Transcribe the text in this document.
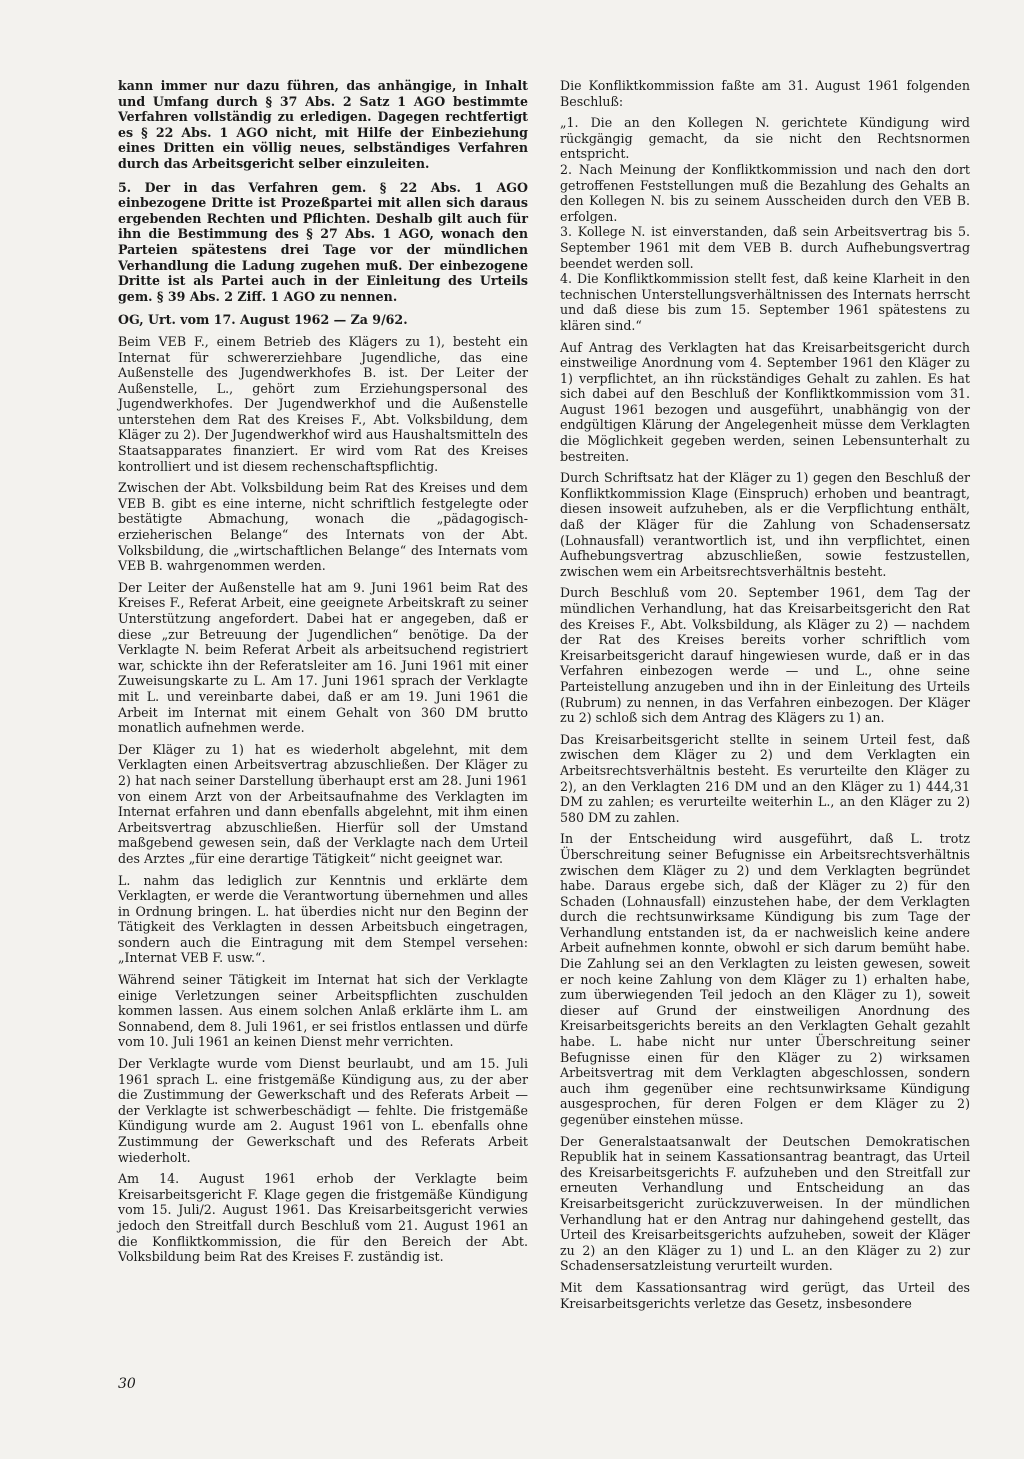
kann immer nur dazu führen, das anhängige, in Inhalt und Umfang durch § 37 Abs. 2 Satz 1 AGO bestimmte Verfahren vollständig zu erledigen. Dagegen rechtfertigt es § 22 Abs. 1 AGO nicht, mit Hilfe der Einbeziehung eines Dritten ein völlig neues, selbständiges Verfahren durch das Arbeitsgericht selber einzuleiten.

5. Der in das Verfahren gem. § 22 Abs. 1 AGO einbezogene Dritte ist Prozeßpartei mit allen sich daraus ergebenden Rechten und Pflichten. Deshalb gilt auch für ihn die Bestimmung des § 27 Abs. 1 AGO, wonach den Parteien spätestens drei Tage vor der mündlichen Verhandlung die Ladung zugehen muß. Der einbezogene Dritte ist als Partei auch in der Einleitung des Urteils gem. § 39 Abs. 2 Ziff. 1 AGO zu nennen.

OG, Urt. vom 17. August 1962 — Za 9/62.

Beim VEB F., einem Betrieb des Klägers zu 1), besteht ein Internat für schwererziehbare Jugendliche, das eine Außenstelle des Jugendwerkhofes B. ist. Der Leiter der Außenstelle, L., gehört zum Erziehungspersonal des Jugendwerkhofes. Der Jugendwerkhof und die Außenstelle unterstehen dem Rat des Kreises F., Abt. Volksbildung, dem Kläger zu 2). Der Jugendwerkhof wird aus Haushaltsmitteln des Staatsapparates finanziert. Er wird vom Rat des Kreises kontrolliert und ist diesem rechenschaftspflichtig.

Zwischen der Abt. Volksbildung beim Rat des Kreises und dem VEB B. gibt es eine interne, nicht schriftlich festgelegte oder bestätigte Abmachung, wonach die „pädagogisch-erzieherischen Belange“ des Internats von der Abt. Volksbildung, die „wirtschaftlichen Belange“ des Internats vom VEB B. wahrgenommen werden.

Der Leiter der Außenstelle hat am 9. Juni 1961 beim Rat des Kreises F., Referat Arbeit, eine geeignete Arbeitskraft zu seiner Unterstützung angefordert. Dabei hat er angegeben, daß er diese „zur Betreuung der Jugendlichen“ benötige. Da der Verklagte N. beim Referat Arbeit als arbeitsuchend registriert war, schickte ihn der Referatsleiter am 16. Juni 1961 mit einer Zuweisungskarte zu L. Am 17. Juni 1961 sprach der Verklagte mit L. und vereinbarte dabei, daß er am 19. Juni 1961 die Arbeit im Internat mit einem Gehalt von 360 DM brutto monatlich aufnehmen werde.

Der Kläger zu 1) hat es wiederholt abgelehnt, mit dem Verklagten einen Arbeitsvertrag abzuschließen. Der Kläger zu 2) hat nach seiner Darstellung überhaupt erst am 28. Juni 1961 von einem Arzt von der Arbeitsaufnahme des Verklagten im Internat erfahren und dann ebenfalls abgelehnt, mit ihm einen Arbeitsvertrag abzuschließen. Hierfür soll der Umstand maßgebend gewesen sein, daß der Verklagte nach dem Urteil des Arztes „für eine derartige Tätigkeit“ nicht geeignet war.

L. nahm das lediglich zur Kenntnis und erklärte dem Verklagten, er werde die Verantwortung übernehmen und alles in Ordnung bringen. L. hat überdies nicht nur den Beginn der Tätigkeit des Verklagten in dessen Arbeitsbuch eingetragen, sondern auch die Eintragung mit dem Stempel versehen: „Internat VEB F. usw.“.

Während seiner Tätigkeit im Internat hat sich der Verklagte einige Verletzungen seiner Arbeitspflichten zuschulden kommen lassen. Aus einem solchen Anlaß erklärte ihm L. am Sonnabend, dem 8. Juli 1961, er sei fristlos entlassen und dürfe vom 10. Juli 1961 an keinen Dienst mehr verrichten.

Der Verklagte wurde vom Dienst beurlaubt, und am 15. Juli 1961 sprach L. eine fristgemäße Kündigung aus, zu der aber die Zustimmung der Gewerkschaft und des Referats Arbeit — der Verklagte ist schwerbeschädigt — fehlte. Die fristgemäße Kündigung wurde am 2. August 1961 von L. ebenfalls ohne Zustimmung der Gewerkschaft und des Referats Arbeit wiederholt.

Am 14. August 1961 erhob der Verklagte beim Kreisarbeitsgericht F. Klage gegen die fristgemäße Kündigung vom 15. Juli/2. August 1961. Das Kreisarbeitsgericht verwies jedoch den Streitfall durch Beschluß vom 21. August 1961 an die Konfliktkommission, die für den Bereich der Abt. Volksbildung beim Rat des Kreises F. zuständig ist.

Die Konfliktkommission faßte am 31. August 1961 folgenden Beschluß:

„1. Die an den Kollegen N. gerichtete Kündigung wird rückgängig gemacht, da sie nicht den Rechtsnormen entspricht.

2. Nach Meinung der Konfliktkommission und nach den dort getroffenen Feststellungen muß die Bezahlung des Gehalts an den Kollegen N. bis zu seinem Ausscheiden durch den VEB B. erfolgen.

3. Kollege N. ist einverstanden, daß sein Arbeitsvertrag bis 5. September 1961 mit dem VEB B. durch Aufhebungsvertrag beendet werden soll.

4. Die Konfliktkommission stellt fest, daß keine Klarheit in den technischen Unterstellungsverhältnissen des Internats herrscht und daß diese bis zum 15. September 1961 spätestens zu klären sind.“

Auf Antrag des Verklagten hat das Kreisarbeitsgericht durch einstweilige Anordnung vom 4. September 1961 den Kläger zu 1) verpflichtet, an ihn rückständiges Gehalt zu zahlen. Es hat sich dabei auf den Beschluß der Konfliktkommission vom 31. August 1961 bezogen und ausgeführt, unabhängig von der endgültigen Klärung der Angelegenheit müsse dem Verklagten die Möglichkeit gegeben werden, seinen Lebensunterhalt zu bestreiten.

Durch Schriftsatz hat der Kläger zu 1) gegen den Beschluß der Konfliktkommission Klage (Einspruch) erhoben und beantragt, diesen insoweit aufzuheben, als er die Verpflichtung enthält, daß der Kläger für die Zahlung von Schadensersatz (Lohnausfall) verantwortlich ist, und ihn verpflichtet, einen Aufhebungsvertrag abzuschließen, sowie festzustellen, zwischen wem ein Arbeitsrechtsverhältnis besteht.

Durch Beschluß vom 20. September 1961, dem Tag der mündlichen Verhandlung, hat das Kreisarbeitsgericht den Rat des Kreises F., Abt. Volksbildung, als Kläger zu 2) — nachdem der Rat des Kreises bereits vorher schriftlich vom Kreisarbeitsgericht darauf hingewiesen wurde, daß er in das Verfahren einbezogen werde — und L., ohne seine Parteistellung anzugeben und ihn in der Einleitung des Urteils (Rubrum) zu nennen, in das Verfahren einbezogen. Der Kläger zu 2) schloß sich dem Antrag des Klägers zu 1) an.

Das Kreisarbeitsgericht stellte in seinem Urteil fest, daß zwischen dem Kläger zu 2) und dem Verklagten ein Arbeitsrechtsverhältnis besteht. Es verurteilte den Kläger zu 2), an den Verklagten 216 DM und an den Kläger zu 1) 444,31 DM zu zahlen; es verurteilte weiterhin L., an den Kläger zu 2) 580 DM zu zahlen.

In der Entscheidung wird ausgeführt, daß L. trotz Überschreitung seiner Befugnisse ein Arbeitsrechtsverhältnis zwischen dem Kläger zu 2) und dem Verklagten begründet habe. Daraus ergebe sich, daß der Kläger zu 2) für den Schaden (Lohnausfall) einzustehen habe, der dem Verklagten durch die rechtsunwirksame Kündigung bis zum Tage der Verhandlung entstanden ist, da er nachweislich keine andere Arbeit aufnehmen konnte, obwohl er sich darum bemüht habe. Die Zahlung sei an den Verklagten zu leisten gewesen, soweit er noch keine Zahlung von dem Kläger zu 1) erhalten habe, zum überwiegenden Teil jedoch an den Kläger zu 1), soweit dieser auf Grund der einstweiligen Anordnung des Kreisarbeitsgerichts bereits an den Verklagten Gehalt gezahlt habe. L. habe nicht nur unter Überschreitung seiner Befugnisse einen für den Kläger zu 2) wirksamen Arbeitsvertrag mit dem Verklagten abgeschlossen, sondern auch ihm gegenüber eine rechtsunwirksame Kündigung ausgesprochen, für deren Folgen er dem Kläger zu 2) gegenüber einstehen müsse.

Der Generalstaatsanwalt der Deutschen Demokratischen Republik hat in seinem Kassationsantrag beantragt, das Urteil des Kreisarbeitsgerichts F. aufzuheben und den Streitfall zur erneuten Verhandlung und Entscheidung an das Kreisarbeitsgericht zurückzuverweisen. In der mündlichen Verhandlung hat er den Antrag nur dahingehend gestellt, das Urteil des Kreisarbeitsgerichts aufzuheben, soweit der Kläger zu 2) an den Kläger zu 1) und L. an den Kläger zu 2) zur Schadensersatzleistung verurteilt wurden.

Mit dem Kassationsantrag wird gerügt, das Urteil des Kreisarbeitsgerichts verletze das Gesetz, insbesondere

30
